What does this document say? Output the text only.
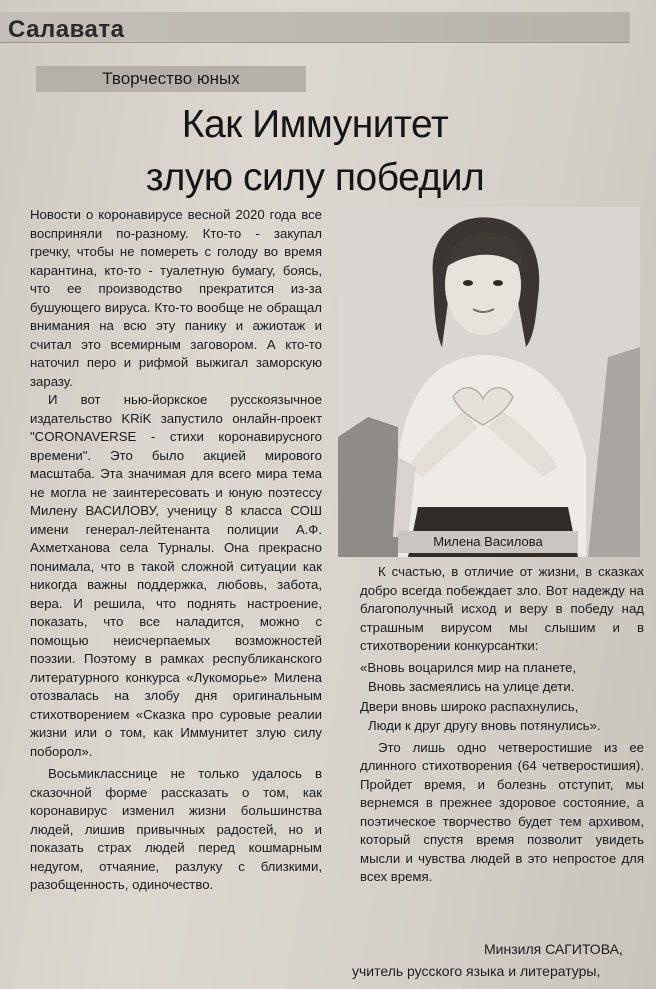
Салавата
Творчество юных
Как Иммунитет
злую силу победил

Новости о коронавирусе весной 2020 года все восприняли по-разному. Кто-то - закупал гречку, чтобы не помереть с голоду во время карантина, кто-то - туалетную бумагу, боясь, что ее производство прекратится из-за бушующего вируса. Кто-то вообще не обращал внимания на всю эту панику и ажиотаж и считал это всемирным заговором. А кто-то наточил перо и рифмой выжигал заморскую заразу.

И вот нью-йоркское русскоязычное издательство KRiK запустило онлайн-проект "CORONAVERSE - стихи коронавирусного времени". Это было акцией мирового масштаба. Эта значимая для всего мира тема не могла не заинтересовать и юную поэтессу Милену ВАСИЛОВУ, ученицу 8 класса СОШ имени генерал-лейтенанта полиции А.Ф. Ахметханова села Турналы. Она прекрасно понимала, что в такой сложной ситуации как никогда важны поддержка, любовь, забота, вера. И решила, что поднять настроение, показать, что все наладится, можно с помощью неисчерпаемых возможностей поэзии. Поэтому в рамках республиканского литературного конкурса «Лукоморье» Милена отозвалась на злобу дня оригинальным стихотворением «Сказка про суровые реалии жизни или о том, как Иммунитет злую силу поборол».

Восьмикласснице не только удалось в сказочной форме рассказать о том, как коронавирус изменил жизни большинства людей, лишив привычных радостей, но и показать страх людей перед кошмарным недугом, отчаяние, разлуку с близкими, разобщенность, одиночество.

Милена Василова

К счастью, в отличие от жизни, в сказках добро всегда побеждает зло. Вот надежду на благополучный исход и веру в победу над страшным вирусом мы слышим и в стихотворении конкурсантки:

«Вновь воцарился мир на планете,

Вновь засмеялись на улице дети.

Двери вновь широко распахнулись,

Люди к друг другу вновь потянулись».

Это лишь одно четверостишие из ее длинного стихотворения (64 четверостишия). Пройдет время, и болезнь отступит, мы вернемся в прежнее здоровое состояние, а поэтическое творчество будет тем архивом, который спустя время позволит увидеть мысли и чувства людей в это непростое для всех время.

Минзиля САГИТОВА,
учитель русского языка и литературы,
